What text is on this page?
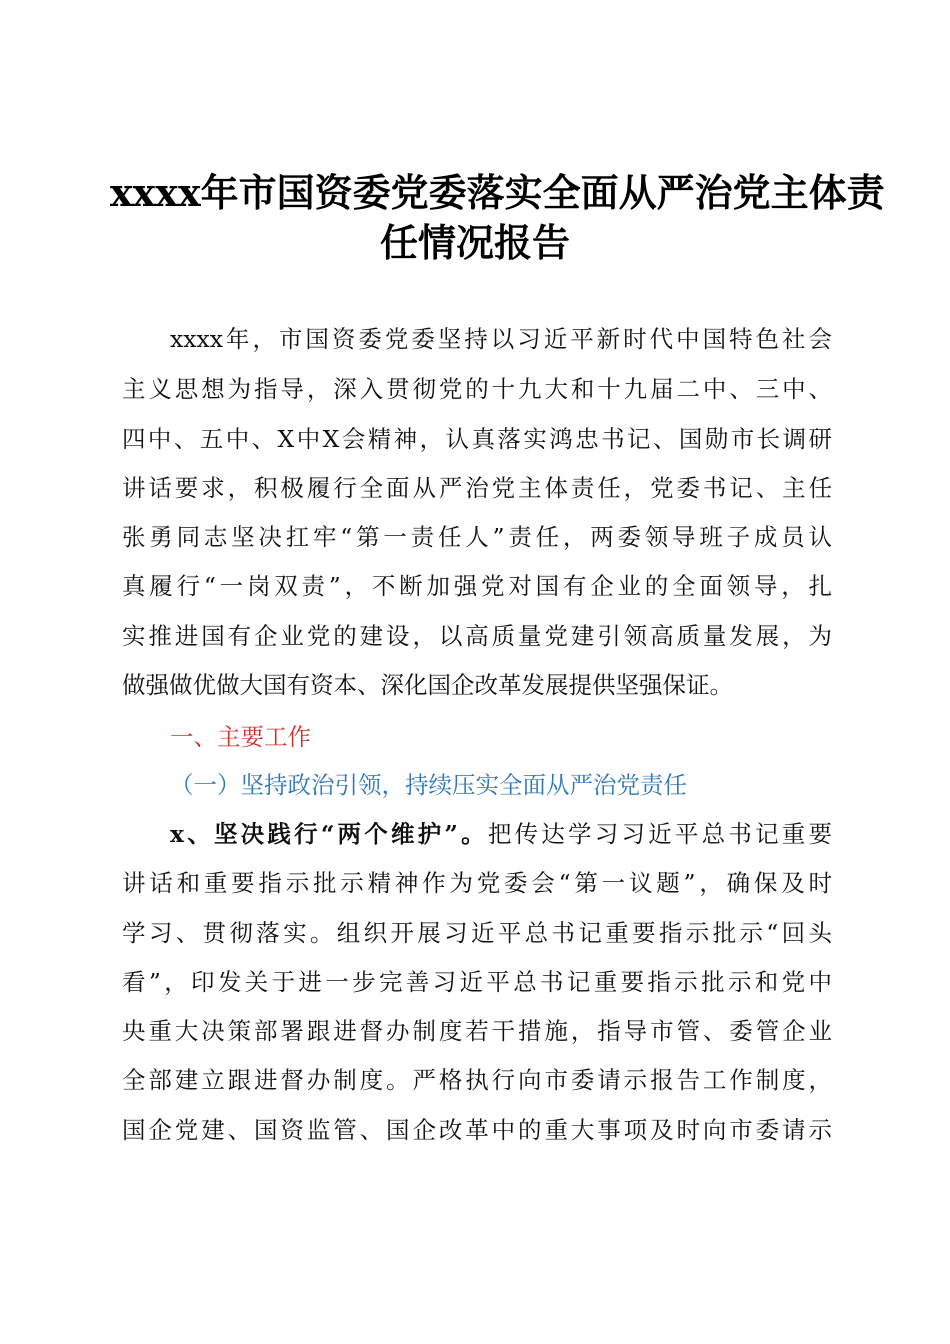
xxxx年市国资委党委落实全面从严治党主体责
任情况报告
xxxx年，市国资委党委坚持以习近平新时代中国特色社会
主义思想为指导，深入贯彻党的十九大和十九届二中、三中、
四中、五中、X中X会精神，认真落实鸿忠书记、国勋市长调研
讲话要求，积极履行全面从严治党主体责任，党委书记、主任
张勇同志坚决扛牢“第一责任人”责任，两委领导班子成员认
真履行“一岗双责”，不断加强党对国有企业的全面领导，扎
实推进国有企业党的建设，以高质量党建引领高质量发展，为
做强做优做大国有资本、深化国企改革发展提供坚强保证。
一、主要工作
（一）坚持政治引领，持续压实全面从严治党责任
x、坚决践行“两个维护”。把传达学习习近平总书记重要
讲话和重要指示批示精神作为党委会“第一议题”，确保及时
学习、贯彻落实。组织开展习近平总书记重要指示批示“回头
看”，印发关于进一步完善习近平总书记重要指示批示和党中
央重大决策部署跟进督办制度若干措施，指导市管、委管企业
全部建立跟进督办制度。严格执行向市委请示报告工作制度，
国企党建、国资监管、国企改革中的重大事项及时向市委请示
